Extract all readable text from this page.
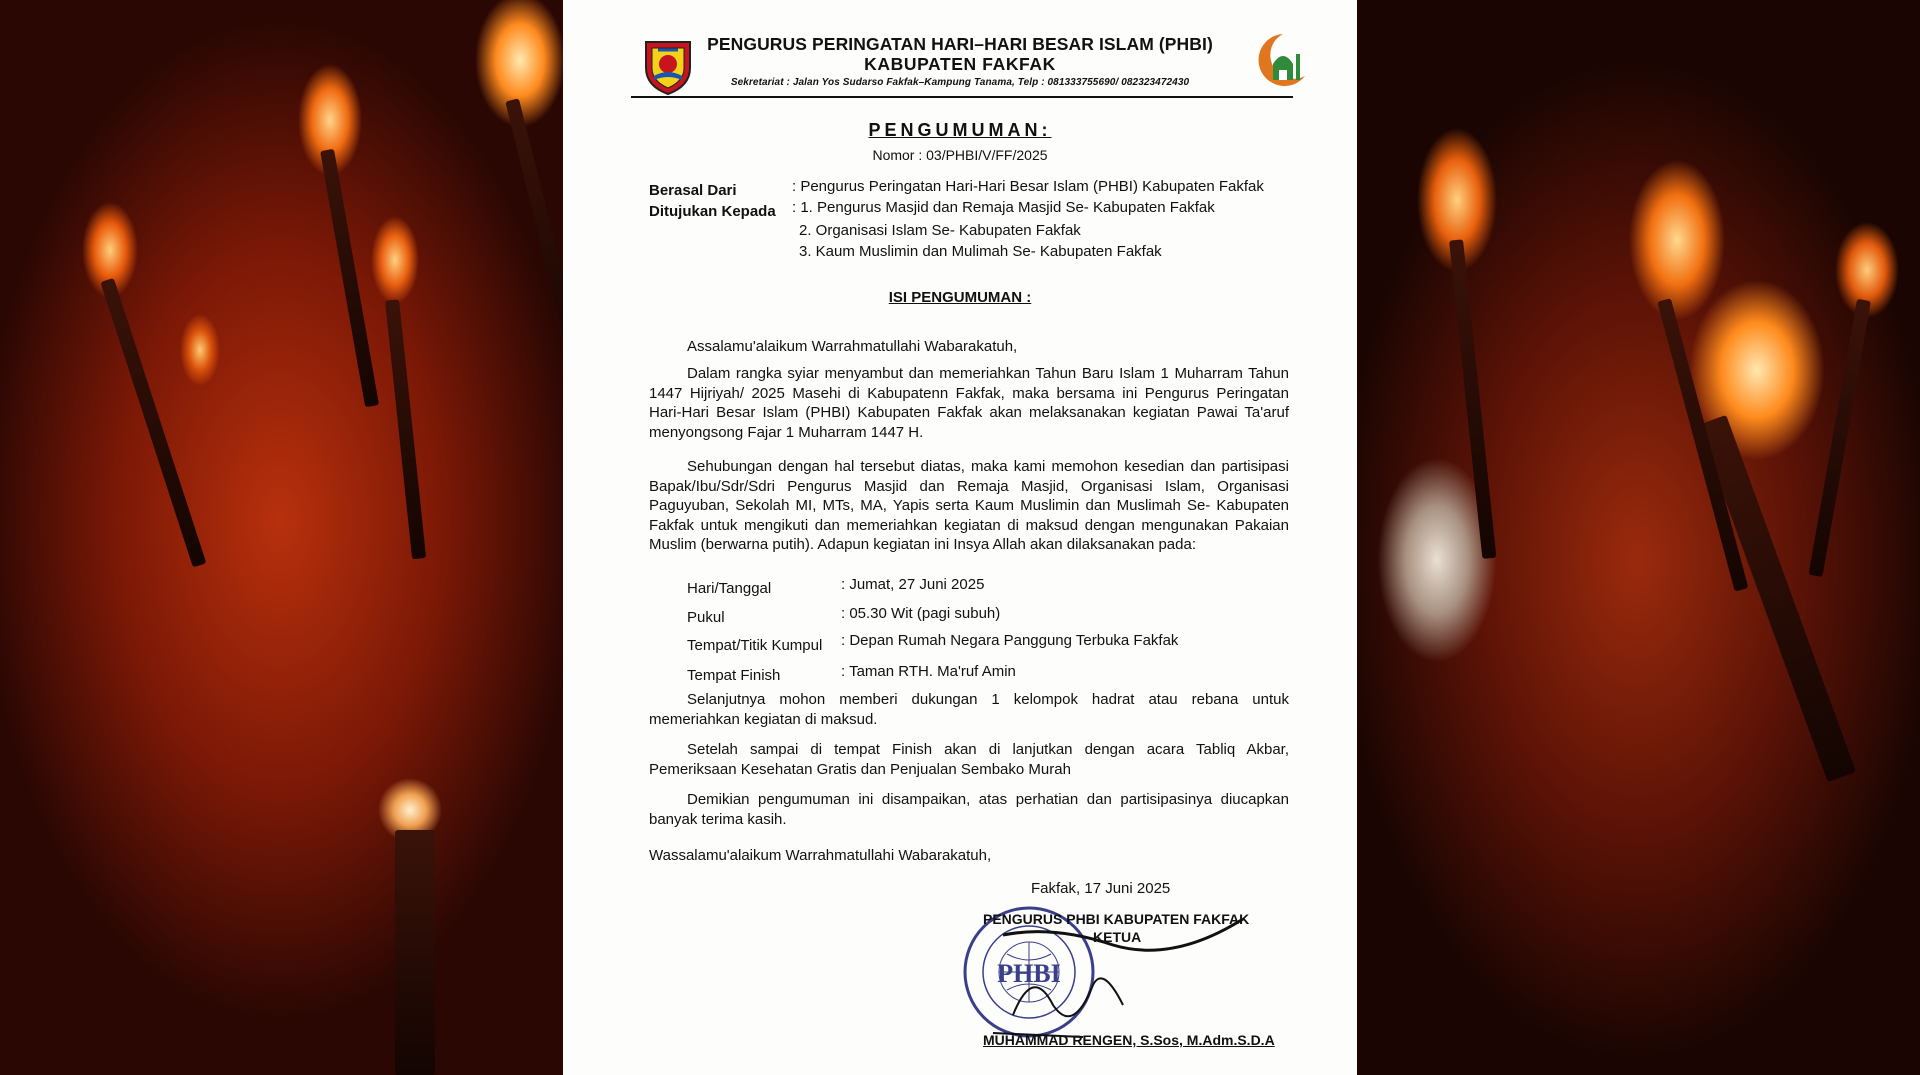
PENGURUS PERINGATAN HARI–HARI BESAR ISLAM (PHBI)
KABUPATEN FAKFAK
Sekretariat : Jalan Yos Sudarso Fakfak–Kampung Tanama, Telp : 081333755690/ 082323472430
PENGUMUMAN:
Nomor : 03/PHBI/V/FF/2025
Berasal Dari	: Pengurus Peringatan Hari-Hari Besar Islam (PHBI) Kabupaten Fakfak
Ditujukan Kepada : 1. Pengurus Masjid dan Remaja Masjid Se- Kabupaten Fakfak
2. Organisasi Islam Se- Kabupaten Fakfak
3. Kaum Muslimin dan Mulimah Se- Kabupaten Fakfak
ISI PENGUMUMAN :
Assalamu'alaikum Warrahmatullahi Wabarakatuh,
Dalam rangka syiar menyambut dan memeriahkan Tahun Baru Islam 1 Muharram Tahun 1447 Hijriyah/ 2025 Masehi di Kabupatenn Fakfak, maka bersama ini Pengurus Peringatan Hari-Hari Besar Islam (PHBI) Kabupaten Fakfak akan melaksanakan kegiatan Pawai Ta'aruf menyongsong Fajar 1 Muharram 1447 H.
Sehubungan dengan hal tersebut diatas, maka kami memohon kesedian dan partisipasi Bapak/Ibu/Sdr/Sdri Pengurus Masjid dan Remaja Masjid, Organisasi Islam, Organisasi Paguyuban, Sekolah MI, MTs, MA, Yapis serta Kaum Muslimin dan Muslimah Se- Kabupaten Fakfak untuk mengikuti dan memeriahkan kegiatan di maksud dengan mengunakan Pakaian Muslim (berwarna putih). Adapun kegiatan ini Insya Allah akan dilaksanakan pada:
Hari/Tanggal	: Jumat, 27 Juni 2025
Pukul	: 05.30 Wit (pagi subuh)
Tempat/Titik Kumpul : Depan Rumah Negara Panggung Terbuka Fakfak
Tempat Finish	: Taman RTH. Ma'ruf Amin
Selanjutnya mohon memberi dukungan 1 kelompok hadrat atau rebana untuk memeriahkan kegiatan di maksud.
Setelah sampai di tempat Finish akan di lanjutkan dengan acara Tabliq Akbar, Pemeriksaan Kesehatan Gratis dan Penjualan Sembako Murah
Demikian pengumuman ini disampaikan, atas perhatian dan partisipasinya diucapkan banyak terima kasih.
Wassalamu'alaikum Warrahmatullahi Wabarakatuh,
Fakfak, 17 Juni 2025
PHBI
PENGURUS PHBI KABUPATEN FAKFAK
KETUA
MUHAMMAD RENGEN, S.Sos, M.Adm.S.D.A
